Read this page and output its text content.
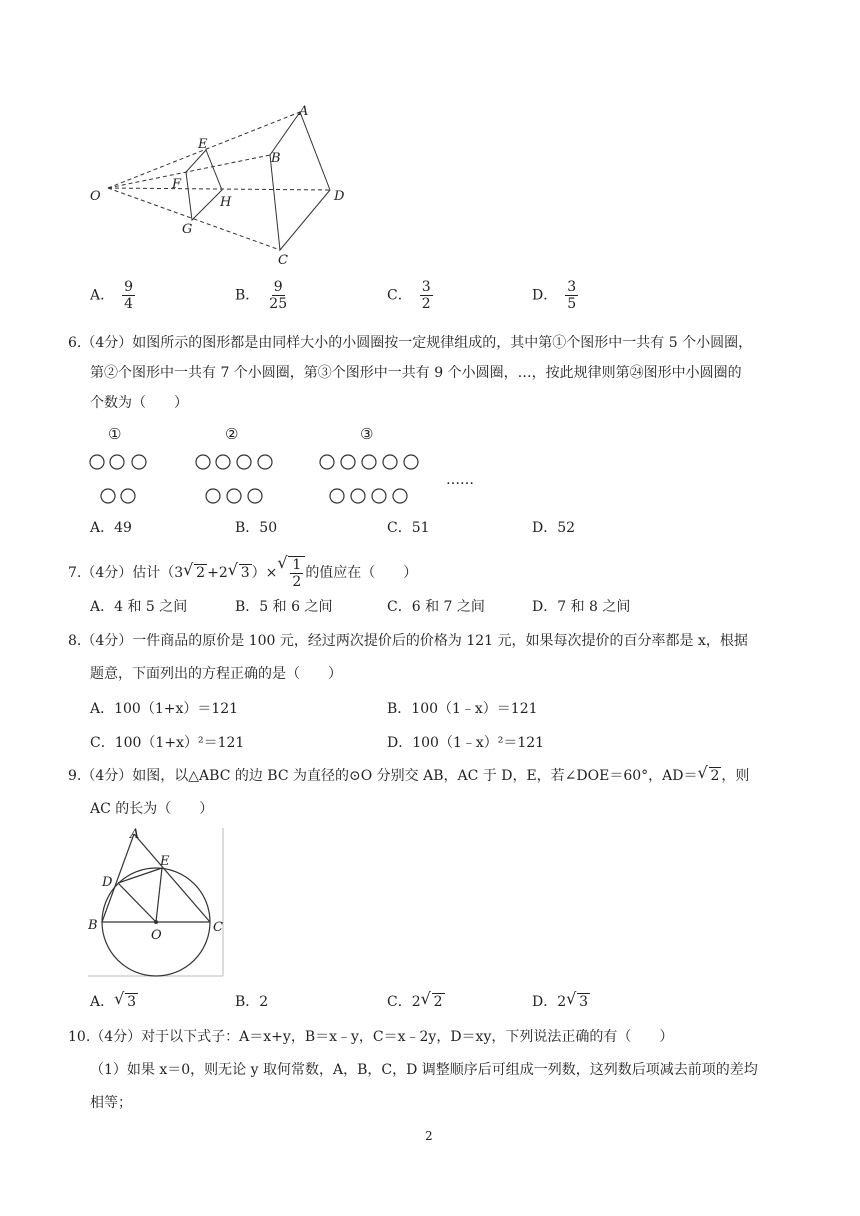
A
B
C
D
E
F
G
H
O
A． $\frac{9}{4}$	B． $\frac{9}{25}$	C． $\frac{3}{2}$	D． $\frac{3}{5}$
6.（4分）如图所示的图形都是由同样大小的小圆圈按一定规律组成的，其中第①个图形中一共有 5 个小圆圈，
第②个图形中一共有 7 个小圆圈，第③个图形中一共有 9 个小圆圈，…，按此规律则第㉔图形中小圆圈的
个数为（　　）
①	②	③
……
A．49	B．50	C．51	D．52
7.（4分）估计（3 √ 2 +2 √ 3 ）× √ $\frac{1}{2}$ 的值应在（　　）
A．4 和 5 之间	B．5 和 6 之间	C．6 和 7 之间	D．7 和 8 之间
8.（4分）一件商品的原价是 100 元，经过两次提价后的价格为 121 元，如果每次提价的百分率都是 x，根据
题意，下面列出的方程正确的是（　　）
A．100（1+x）＝121	B．100（1﹣x）＝121
C．100（1+x）²＝121	D．100（1﹣x）²＝121
9.（4分）如图，以△ABC 的边 BC 为直径的⊙O 分别交 AB，AC 于 D，E，若∠DOE＝60°，AD＝ √ 2 ，则
AC 的长为（　　）
A
B	C
D
E
O
A． √ 3	B．2	C．2 √ 2	D．2 √ 3
10.（4分）对于以下式子：A＝x+y，B＝x﹣y，C＝x﹣2y，D＝xy，下列说法正确的有（　　）
（1）如果 x＝0，则无论 y 取何常数，A，B，C，D 调整顺序后可组成一列数，这列数后项减去前项的差均
相等；
2
